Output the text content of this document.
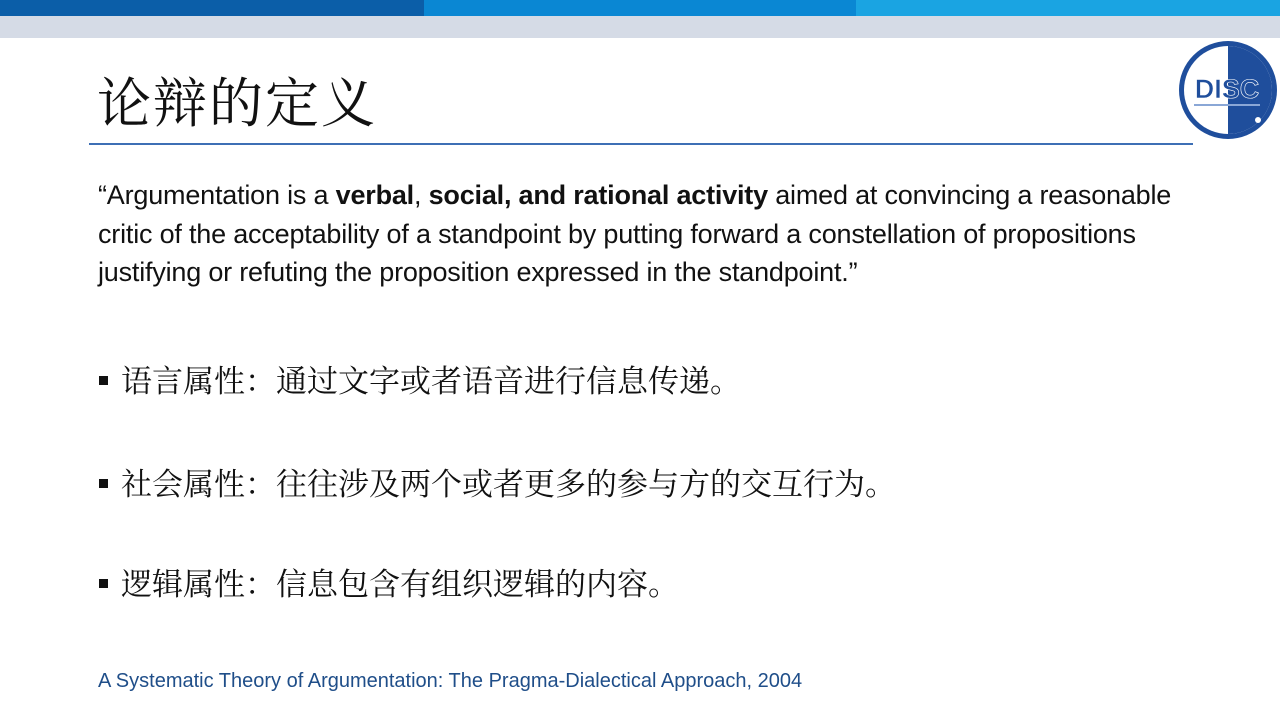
论辩的定义	DISC
“Argumentation is a verbal, social, and rational activity aimed at convincing a reasonable critic of the acceptability of a standpoint by putting forward a constellation of propositions justifying or refuting the proposition expressed in the standpoint.”
语言属性：通过文字或者语音进行信息传递。
社会属性：往往涉及两个或者更多的参与方的交互行为。
逻辑属性：信息包含有组织逻辑的内容。
A Systematic Theory of Argumentation: The Pragma-Dialectical Approach, 2004
